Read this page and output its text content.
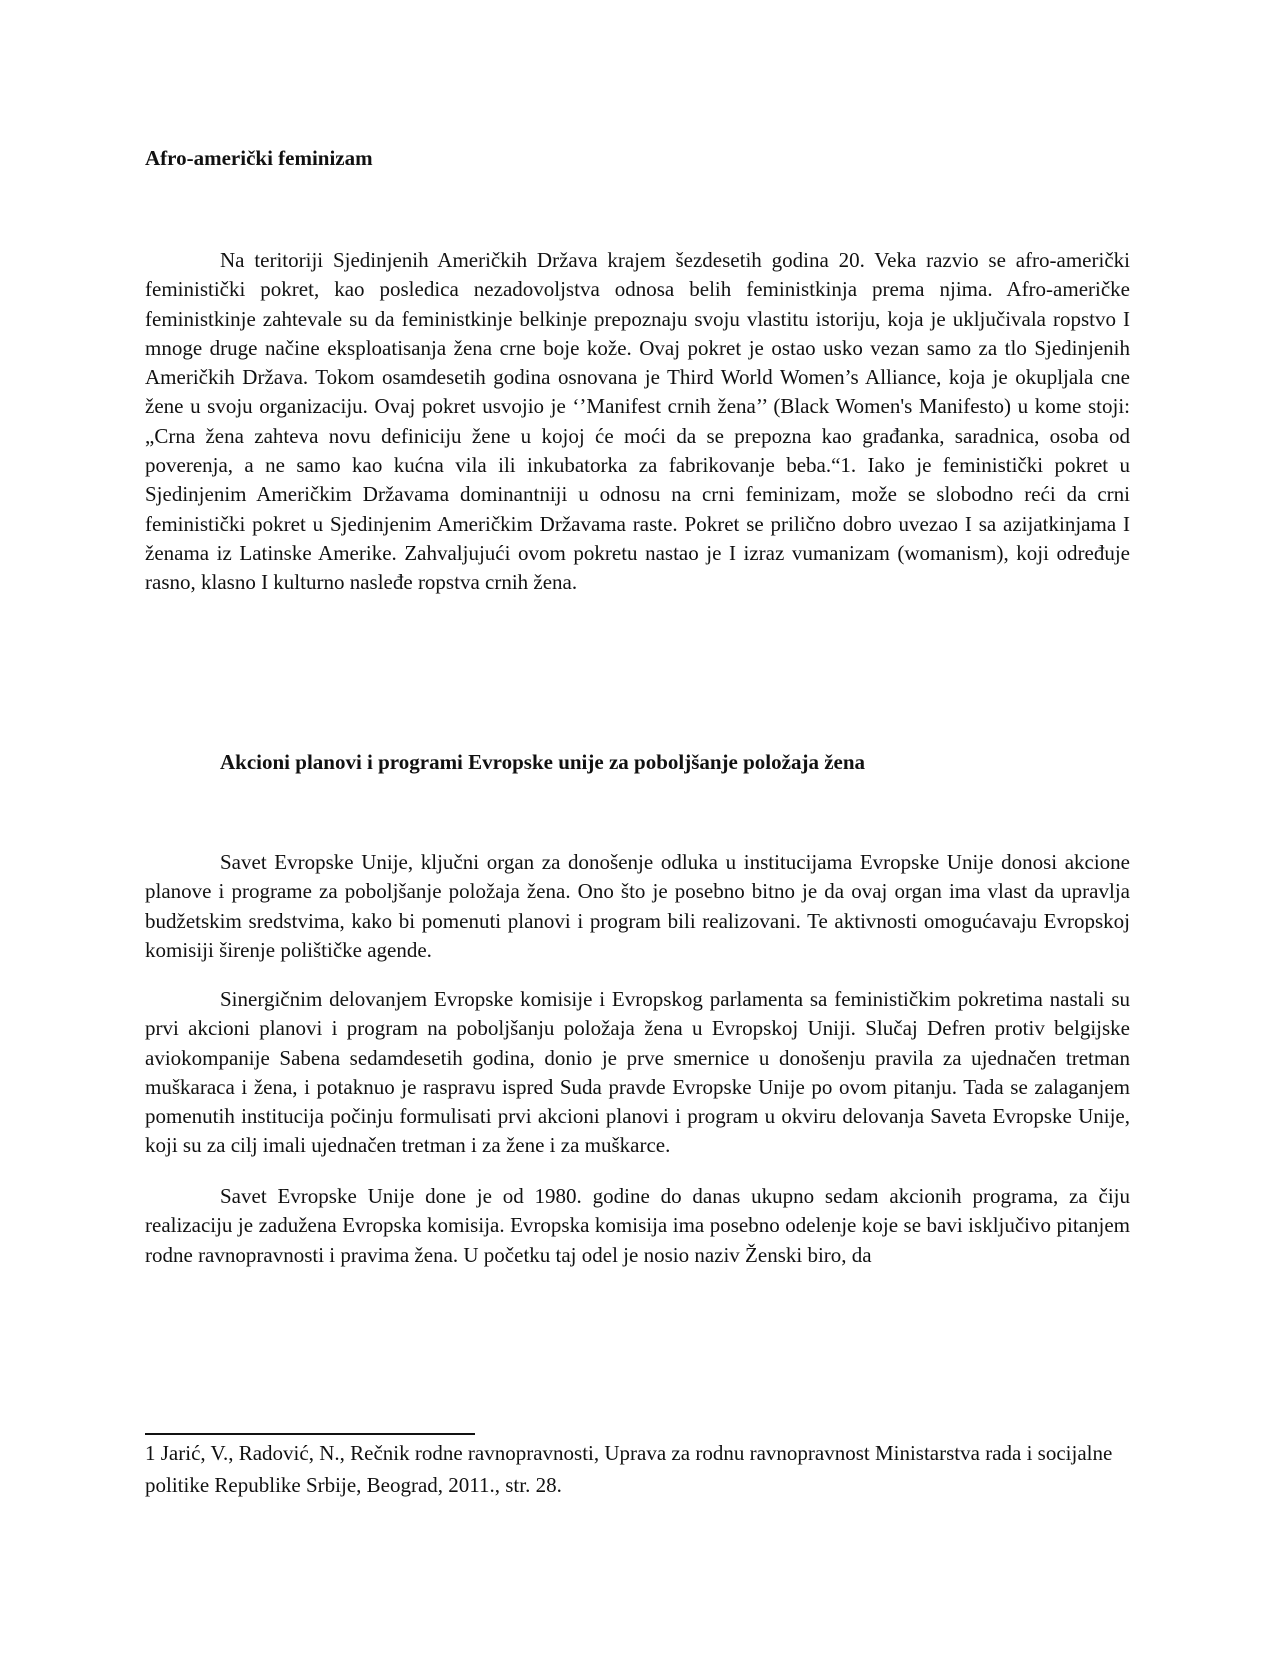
Afro-američki feminizam

Na teritoriji Sjedinjenih Američkih Država krajem šezdesetih godina 20. Veka razvio se afro-američki feministički pokret, kao posledica nezadovoljstva odnosa belih feministkinja prema njima. Afro-američke feministkinje zahtevale su da feministkinje belkinje prepoznaju svoju vlastitu istoriju, koja je uključivala ropstvo I mnoge druge načine eksploatisanja žena crne boje kože. Ovaj pokret je ostao usko vezan samo za tlo Sjedinjenih Američkih Država. Tokom osamdesetih godina osnovana je Third World Women’s Alliance, koja je okupljala cne žene u svoju organizaciju. Ovaj pokret usvojio je ‘’Manifest crnih žena’’ (Black Women's Manifesto) u kome stoji: „Crna žena zahteva novu definiciju žene u kojoj će moći da se prepozna kao građanka, saradnica, osoba od poverenja, a ne samo kao kućna vila ili inkubatorka za fabrikovanje beba.“1. Iako je feministički pokret u Sjedinjenim Američkim Državama dominantniji u odnosu na crni feminizam, može se slobodno reći da crni feministički pokret u Sjedinjenim Američkim Državama raste. Pokret se prilično dobro uvezao I sa azijatkinjama I ženama iz Latinske Amerike. Zahvaljujući ovom pokretu nastao je I izraz vumanizam (womanism), koji određuje rasno, klasno I kulturno nasleđe ropstva crnih žena.

Akcioni planovi i programi Evropske unije za poboljšanje položaja žena

Savet Evropske Unije, ključni organ za donošenje odluka u institucijama Evropske Unije donosi akcione planove i programe za poboljšanje položaja žena. Ono što je posebno bitno je da ovaj organ ima vlast da upravlja budžetskim sredstvima, kako bi pomenuti planovi i program bili realizovani. Te aktivnosti omogućavaju Evropskoj komisiji širenje polištičke agende.

Sinergičnim delovanjem Evropske komisije i Evropskog parlamenta sa feminističkim pokretima nastali su prvi akcioni planovi i program na poboljšanju položaja žena u Evropskoj Uniji. Slučaj Defren protiv belgijske aviokompanije Sabena sedamdesetih godina, donio je prve smernice u donošenju pravila za ujednačen tretman muškaraca i žena, i potaknuo je raspravu ispred Suda pravde Evropske Unije po ovom pitanju. Tada se zalaganjem pomenutih institucija počinju formulisati prvi akcioni planovi i program u okviru delovanja Saveta Evropske Unije, koji su za cilj imali ujednačen tretman i za žene i za muškarce.

Savet Evropske Unije done je od 1980. godine do danas ukupno sedam akcionih programa, za čiju realizaciju je zadužena Evropska komisija. Evropska komisija ima posebno odelenje koje se bavi isključivo pitanjem rodne ravnopravnosti i pravima žena. U početku taj odel je nosio naziv Ženski biro, da

1 Jarić, V., Radović, N., Rečnik rodne ravnopravnosti, Uprava za rodnu ravnopravnost Ministarstva rada i socijalne politike Republike Srbije, Beograd, 2011., str. 28.
